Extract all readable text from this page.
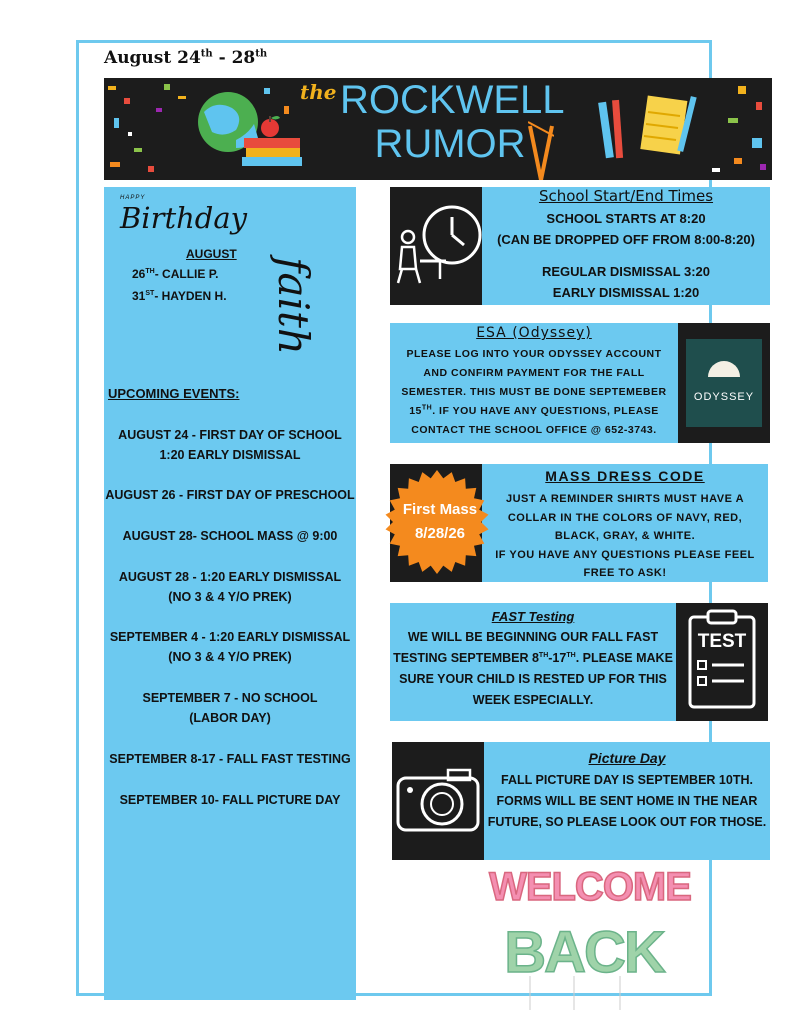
August 24th - 28th
the ROCKWELL
RUMOR
HAPPY
Birthday
AUGUST
26TH- CALLIE P.
31ST- HAYDEN H. faith
UPCOMING EVENTS:
AUGUST 24 - FIRST DAY OF SCHOOL
1:20 EARLY DISMISSAL
AUGUST 26 - FIRST DAY OF PRESCHOOL
AUGUST 28- SCHOOL MASS @ 9:00
AUGUST 28 - 1:20 EARLY DISMISSAL
(NO 3 & 4 Y/O PREK)
SEPTEMBER 4 - 1:20 EARLY DISMISSAL
(NO 3 & 4 Y/O PREK)
SEPTEMBER 7 - NO SCHOOL
(LABOR DAY)
SEPTEMBER 8-17 - FALL FAST TESTING
SEPTEMBER 10- FALL PICTURE DAY
School Start/End Times
SCHOOL STARTS AT 8:20
(CAN BE DROPPED OFF FROM 8:00-8:20)
REGULAR DISMISSAL 3:20
EARLY DISMISSAL 1:20
ESA (Odyssey)
PLEASE LOG INTO YOUR ODYSSEY ACCOUNT
AND CONFIRM PAYMENT FOR THE FALL
SEMESTER. THIS MUST BE DONE SEPTEMEBER
15TH. IF YOU HAVE ANY QUESTIONS, PLEASE
CONTACT THE SCHOOL OFFICE @ 652-3743.
ODYSSEY
First Mass
8/28/26
MASS DRESS CODE
JUST A REMINDER SHIRTS MUST HAVE A
COLLAR IN THE COLORS OF NAVY, RED,
BLACK, GRAY, & WHITE.
IF YOU HAVE ANY QUESTIONS PLEASE FEEL
FREE TO ASK!
FAST Testing
WE WILL BE BEGINNING OUR FALL FAST
TESTING SEPTEMBER 8TH-17TH. PLEASE MAKE
SURE YOUR CHILD IS RESTED UP FOR THIS
WEEK ESPECIALLY.
TEST
Picture Day
FALL PICTURE DAY IS SEPTEMBER 10TH.
FORMS WILL BE SENT HOME IN THE NEAR
FUTURE, SO PLEASE LOOK OUT FOR THOSE.
WELCOME
BACK
